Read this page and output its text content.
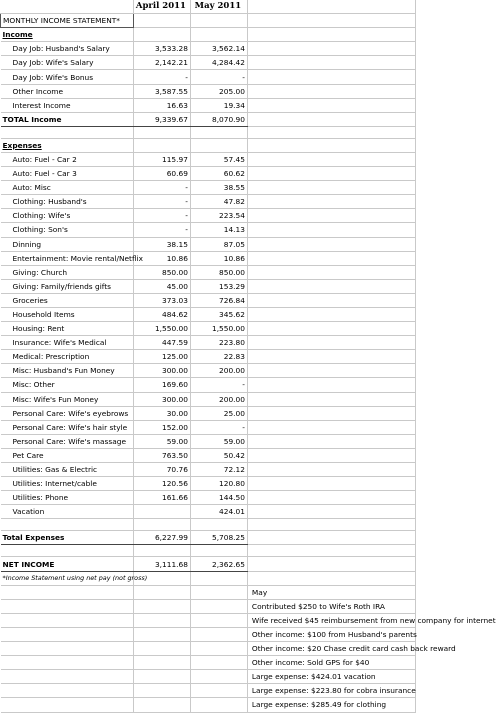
	April 2011	May 2011	
MONTHLY INCOME STATEMENT*			
Income			
Day Job: Husband's Salary	3,533.28	3,562.14	
Day Job: Wife's Salary	2,142.21	4,284.42	
Day Job: Wife's Bonus	-	-	
Other Income	3,587.55	205.00	
Interest Income	16.63	19.34	
TOTAL Income	9,339.67	8,070.90	

Expenses			
Auto: Fuel - Car 2	115.97	57.45	
Auto: Fuel - Car 3	60.69	60.62	
Auto: Misc	-	38.55	
Clothing: Husband's	-	47.82	
Clothing: Wife's	-	223.54	
Clothing: Son's	-	14.13	
Dinning	38.15	87.05	
Entertainment: Movie rental/Netflix	10.86	10.86	
Giving: Church	850.00	850.00	
Giving: Family/friends gifts	45.00	153.29	
Groceries	373.03	726.84	
Household Items	484.62	345.62	
Housing: Rent	1,550.00	1,550.00	
Insurance: Wife's Medical	447.59	223.80	
Medical: Prescription	125.00	22.83	
Misc: Husband's Fun Money	300.00	200.00	
Misc: Other	169.60	-	
Misc: Wife's Fun Money	300.00	200.00	
Personal Care: Wife's eyebrows	30.00	25.00	
Personal Care: Wife's hair style	152.00	-	
Personal Care: Wife's massage	59.00	59.00	
Pet Care	763.50	50.42	
Utilities: Gas & Electric	70.76	72.12	
Utilities: Internet/cable	120.56	120.80	
Utilities: Phone	161.66	144.50	
Vacation		424.01	

Total Expenses	6,227.99	5,708.25	

NET INCOME	3,111.68	2,362.65	
*Income Statement using net pay (not gross)			
			May
			Contributed $250 to Wife's Roth IRA
			Wife received $45 reimbursement from new company for internet
			Other income: $100 from Husband's parents
			Other income: $20 Chase credit card cash back reward
			Other income: Sold GPS for $40
			Large expense: $424.01 vacation
			Large expense: $223.80 for cobra insurance
			Large expense: $285.49 for clothing
